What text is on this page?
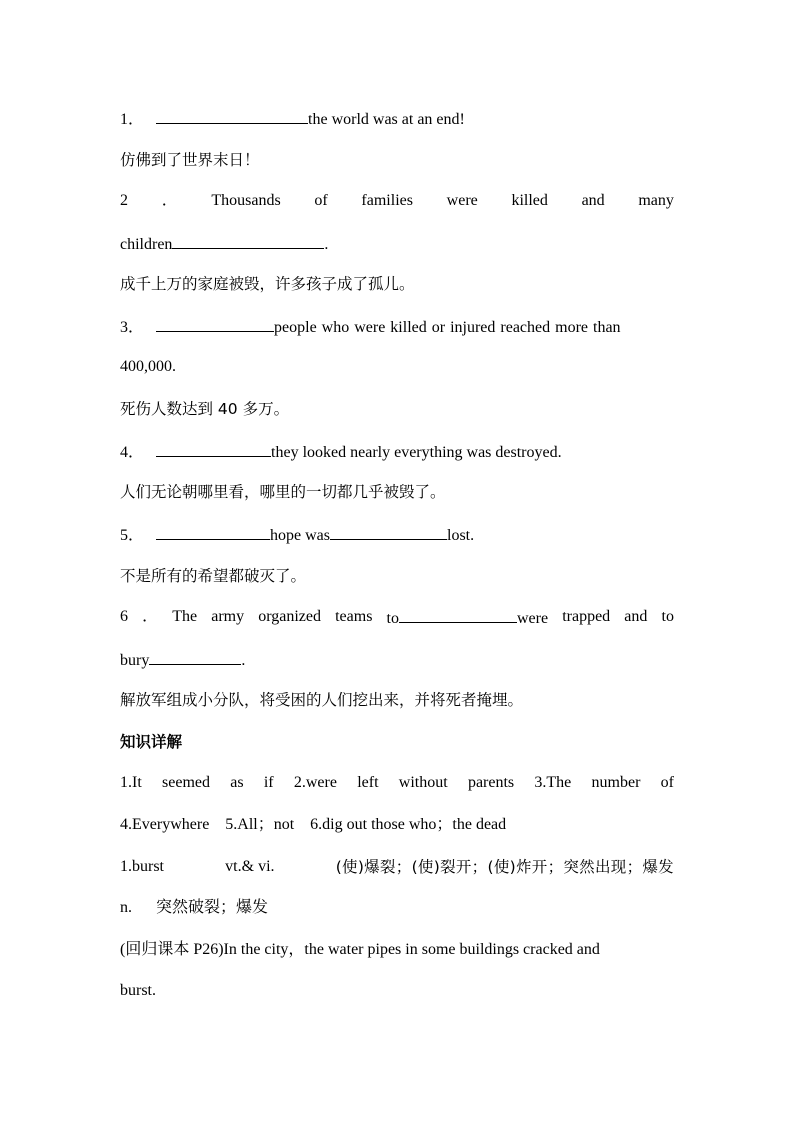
1．	the world was at an end!
仿佛到了世界末日！
2 ． Thousands of families were killed and many
children	.
成千上万的家庭被毁，许多孩子成了孤儿。
3．	people who were killed or injured reached more than
400,000.
死伤人数达到 40 多万。
4．	they looked nearly everything was destroyed.
人们无论朝哪里看，哪里的一切都几乎被毁了。
5．	hope was	lost.
不是所有的希望都破灭了。
6 ． The army organized teams to	were trapped and to
bury	.
解放军组成小分队，将受困的人们挖出来，并将死者掩埋。
知识详解
1.It seemed as if 2.were left without parents 3.The number of
4.Everywhere    5.All；not    6.dig out those who；the dead
1.burst	vt.& vi.	(使)爆裂；(使)裂开；(使)炸开；突然出现；爆发
n.      突然破裂；爆发
(回归课本 P26)In the city，the water pipes in some buildings cracked and
burst.
